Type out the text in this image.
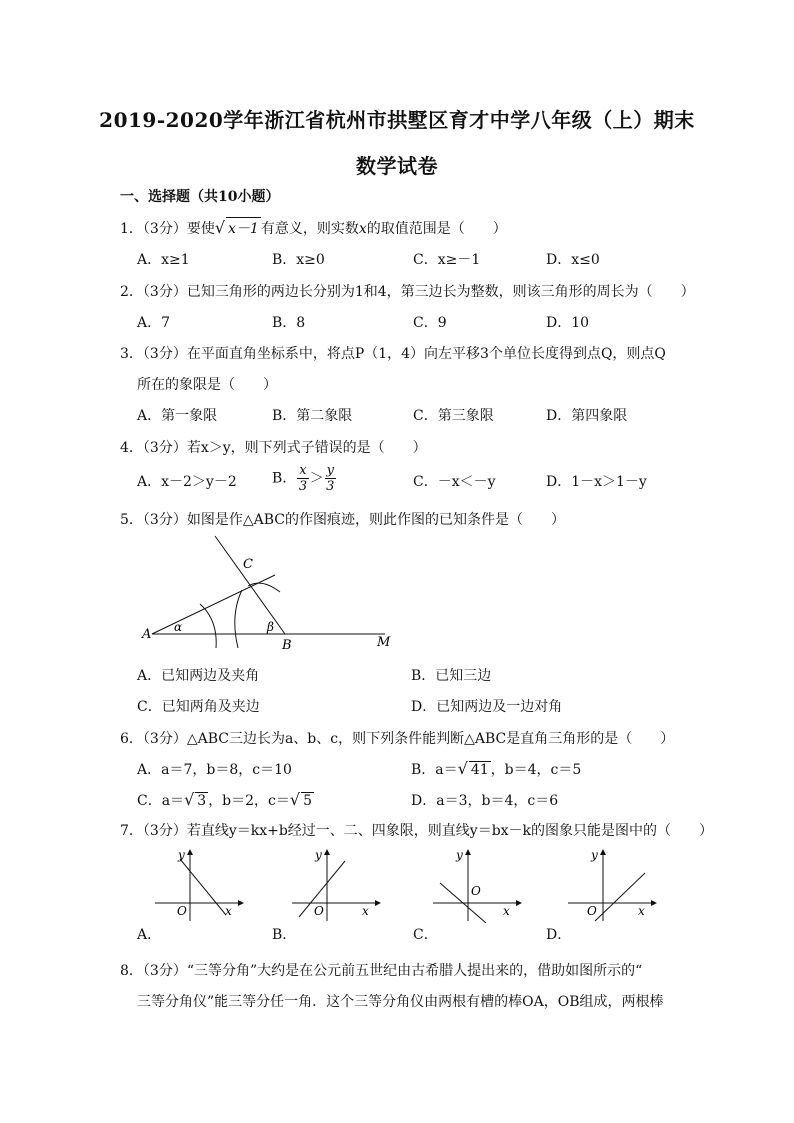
2019-2020学年浙江省杭州市拱墅区育才中学八年级（上）期末
数学试卷
一、选择题（共10小题）
1．（3分）要使√ x－1 有意义，则实数x的取值范围是（　　）
A．x≥1	B．x≥0	C．x≥－1	D．x≤0
2．（3分）已知三角形的两边长分别为1和4，第三边长为整数，则该三角形的周长为（　　）
A．7	B．8	C．9	D．10
3．（3分）在平面直角坐标系中，将点P（1，4）向左平移3个单位长度得到点Q，则点Q
所在的象限是（　　）
A．第一象限	B．第二象限	C．第三象限	D．第四象限
4．（3分）若x＞y，则下列式子错误的是（　　）
A．x－2＞y－2	B． $\frac{x}{3} > \frac{y}{3}$	C．－x＜－y	D．1－x＞1－y
5．（3分）如图是作△ABC的作图痕迹，则此作图的已知条件是（　　）
A α
C
β
B	M
A．已知两边及夹角	B．已知三边
C．已知两角及夹边	D．已知两边及一边对角
6．（3分）△ABC三边长为a、b、c，则下列条件能判断△ABC是直角三角形的是（　　）
A．a＝7，b＝8，c＝10	B．a＝√ 41 ，b＝4，c＝5
C．a＝√ 3 ，b＝2，c＝√ 5	D．a＝3，b＝4，c＝6
7．（3分）若直线y＝kx+b经过一、二、四象限，则直线y＝bx－k的图象只能是图中的（　　）
y
O	x
y
O	x
y
O
x
y
O	x
A．	B．	C．	D．
8．（3分）“三等分角”大约是在公元前五世纪由古希腊人提出来的，借助如图所示的“
三等分角仪”能三等分任一角．这个三等分角仪由两根有槽的棒OA，OB组成，两根棒
